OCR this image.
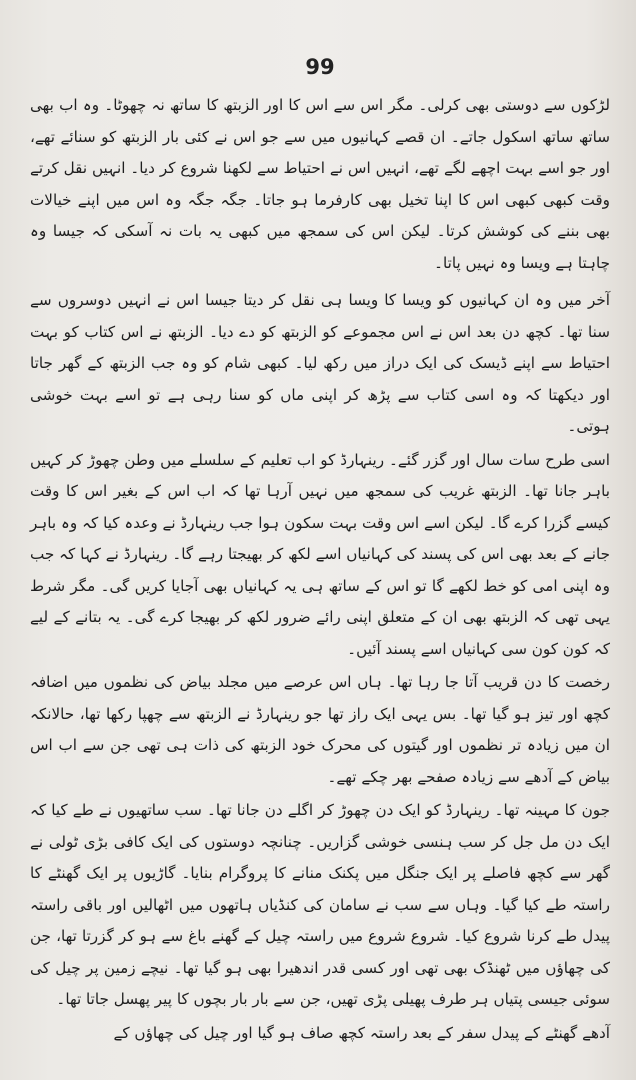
99

لڑکوں سے دوستی بھی کرلی۔ مگر اس سے اس کا اور الزبتھ کا ساتھ نہ چھوٹا۔ وہ اب بھی ساتھ ساتھ اسکول جاتے۔ ان قصے کہانیوں میں سے جو اس نے کئی بار الزبتھ کو سنائے تھے، اور جو اسے بہت اچھے لگے تھے، انہیں اس نے احتیاط سے لکھنا شروع کر دیا۔ انہیں نقل کرتے وقت کبھی کبھی اس کا اپنا تخیل بھی کارفرما ہو جاتا۔ جگہ جگہ وہ اس میں اپنے خیالات بھی بننے کی کوشش کرتا۔ لیکن اس کی سمجھ میں کبھی یہ بات نہ آسکی کہ جیسا وہ چاہتا ہے ویسا وہ نہیں پاتا۔

آخر میں وہ ان کہانیوں کو ویسا کا ویسا ہی نقل کر دیتا جیسا اس نے انہیں دوسروں سے سنا تھا۔ کچھ دن بعد اس نے اس مجموعے کو الزبتھ کو دے دیا۔ الزبتھ نے اس کتاب کو بہت احتیاط سے اپنے ڈیسک کی ایک دراز میں رکھ لیا۔ کبھی شام کو وہ جب الزبتھ کے گھر جاتا اور دیکھتا کہ وہ اسی کتاب سے پڑھ کر اپنی ماں کو سنا رہی ہے تو اسے بہت خوشی ہوتی۔

اسی طرح سات سال اور گزر گئے۔ رینہارڈ کو اب تعلیم کے سلسلے میں وطن چھوڑ کر کہیں باہر جانا تھا۔ الزبتھ غریب کی سمجھ میں نہیں آرہا تھا کہ اب اس کے بغیر اس کا وقت کیسے گزرا کرے گا۔ لیکن اسے اس وقت بہت سکون ہوا جب رینہارڈ نے وعدہ کیا کہ وہ باہر جانے کے بعد بھی اس کی پسند کی کہانیاں اسے لکھ کر بھیجتا رہے گا۔ رینہارڈ نے کہا کہ جب وہ اپنی امی کو خط لکھے گا تو اس کے ساتھ ہی یہ کہانیاں بھی آجایا کریں گی۔ مگر شرط یہی تھی کہ الزبتھ بھی ان کے متعلق اپنی رائے ضرور لکھ کر بھیجا کرے گی۔ یہ بتانے کے لیے کہ کون کون سی کہانیاں اسے پسند آئیں۔

رخصت کا دن قریب آتا جا رہا تھا۔ ہاں اس عرصے میں مجلد بیاض کی نظموں میں اضافہ کچھ اور تیز ہو گیا تھا۔ بس یہی ایک راز تھا جو رینہارڈ نے الزبتھ سے چھپا رکھا تھا، حالانکہ ان میں زیادہ تر نظموں اور گیتوں کی محرک خود الزبتھ کی ذات ہی تھی جن سے اب اس بیاض کے آدھے سے زیادہ صفحے بھر چکے تھے۔

جون کا مہینہ تھا۔ رینہارڈ کو ایک دن چھوڑ کر اگلے دن جانا تھا۔ سب ساتھیوں نے طے کیا کہ ایک دن مل جل کر سب ہنسی خوشی گزاریں۔ چنانچہ دوستوں کی ایک کافی بڑی ٹولی نے گھر سے کچھ فاصلے پر ایک جنگل میں پکنک منانے کا پروگرام بنایا۔ گاڑیوں پر ایک گھنٹے کا راستہ طے کیا گیا۔ وہاں سے سب نے سامان کی کنڈیاں ہاتھوں میں اٹھالیں اور باقی راستہ پیدل طے کرنا شروع کیا۔ شروع شروع میں راستہ چیل کے گھنے باغ سے ہو کر گزرتا تھا، جن کی چھاؤں میں ٹھنڈک بھی تھی اور کسی قدر اندھیرا بھی ہو گیا تھا۔ نیچے زمین پر چیل کی سوئی جیسی پتیاں ہر طرف پھیلی پڑی تھیں، جن سے بار بار بچوں کا پیر پھسل جاتا تھا۔

آدھے گھنٹے کے پیدل سفر کے بعد راستہ کچھ صاف ہو گیا اور چیل کی چھاؤں کے
